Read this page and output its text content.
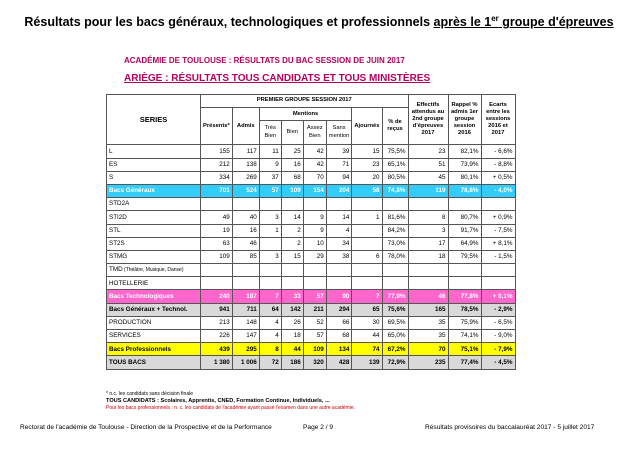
Résultats pour les bacs généraux, technologiques et professionnels après le 1er groupe d'épreuves
ACADÉMIE DE TOULOUSE : RÉSULTATS DU BAC SESSION DE JUIN 2017
ARIÈGE : RÉSULTATS TOUS CANDIDATS ET TOUS MINISTÈRES
SERIES	PREMIER GROUPE SESSION 2017								Effectifs attendus au 2nd groupe d'épreuves 2017	Rappel % admis 1er groupe session 2016	Ecarts entre les sessions 2016 et 2017
	Présents*	Admis	Mentions				Ajournés	% de reçus			
			Très Bien	Bien	Assez Bien	Sans mention					
L	155	117	11	25	42	39	15	75,5%	23	82,1%	- 6,6%
ES	212	138	9	16	42	71	23	65,1%	51	73,9%	- 8,8%
S	334	269	37	68	70	94	20	80,5%	45	80,1%	+ 0,5%
Bacs Généraux	701	524	57	109	154	204	58	74,8%	119	78,8%	- 4,0%
STD2A											
STI2D	49	40	3	14	9	14	1	81,6%	8	80,7%	+ 0,9%
STL	19	16	1	2	9	4		84,2%	3	91,7%	- 7,5%
ST2S	63	46		2	10	34		73,0%	17	64,9%	+ 8,1%
STMG	109	85	3	15	29	38	6	78,0%	18	79,5%	- 1,5%
TMD (Théâtre, Musique, Danse)											
HOTELLERIE											
Bacs Technologiques	240	187	7	33	57	90	7	77,9%	46	77,8%	+ 0,1%
Bacs Généraux + Technol.	941	711	64	142	211	294	65	75,6%	165	78,5%	- 2,9%
PRODUCTION	213	148	4	26	52	66	30	69,5%	35	75,9%	- 6,5%
SERVICES	226	147	4	18	57	68	44	65,0%	35	74,1%	- 9,0%
Bacs Professionnels	439	295	8	44	109	134	74	67,2%	70	75,1%	- 7,9%
TOUS BACS	1 380	1 006	72	186	320	428	139	72,9%	235	77,4%	- 4,5%
* n.c. les candidats sans décision finale
TOUS CANDIDATS : Scolaires, Apprentis, CNED, Formation Continue, Individuels, ...
Pour les bacs professionnels : n. c. les candidats de l'académie ayant passé l'examen dans une autre académie.
Rectorat de l'académie de Toulouse - Direction de la Prospective et de la Performance	Page 2 / 9	Résultats provisoires du baccalauréat 2017 - 5 juillet 2017
